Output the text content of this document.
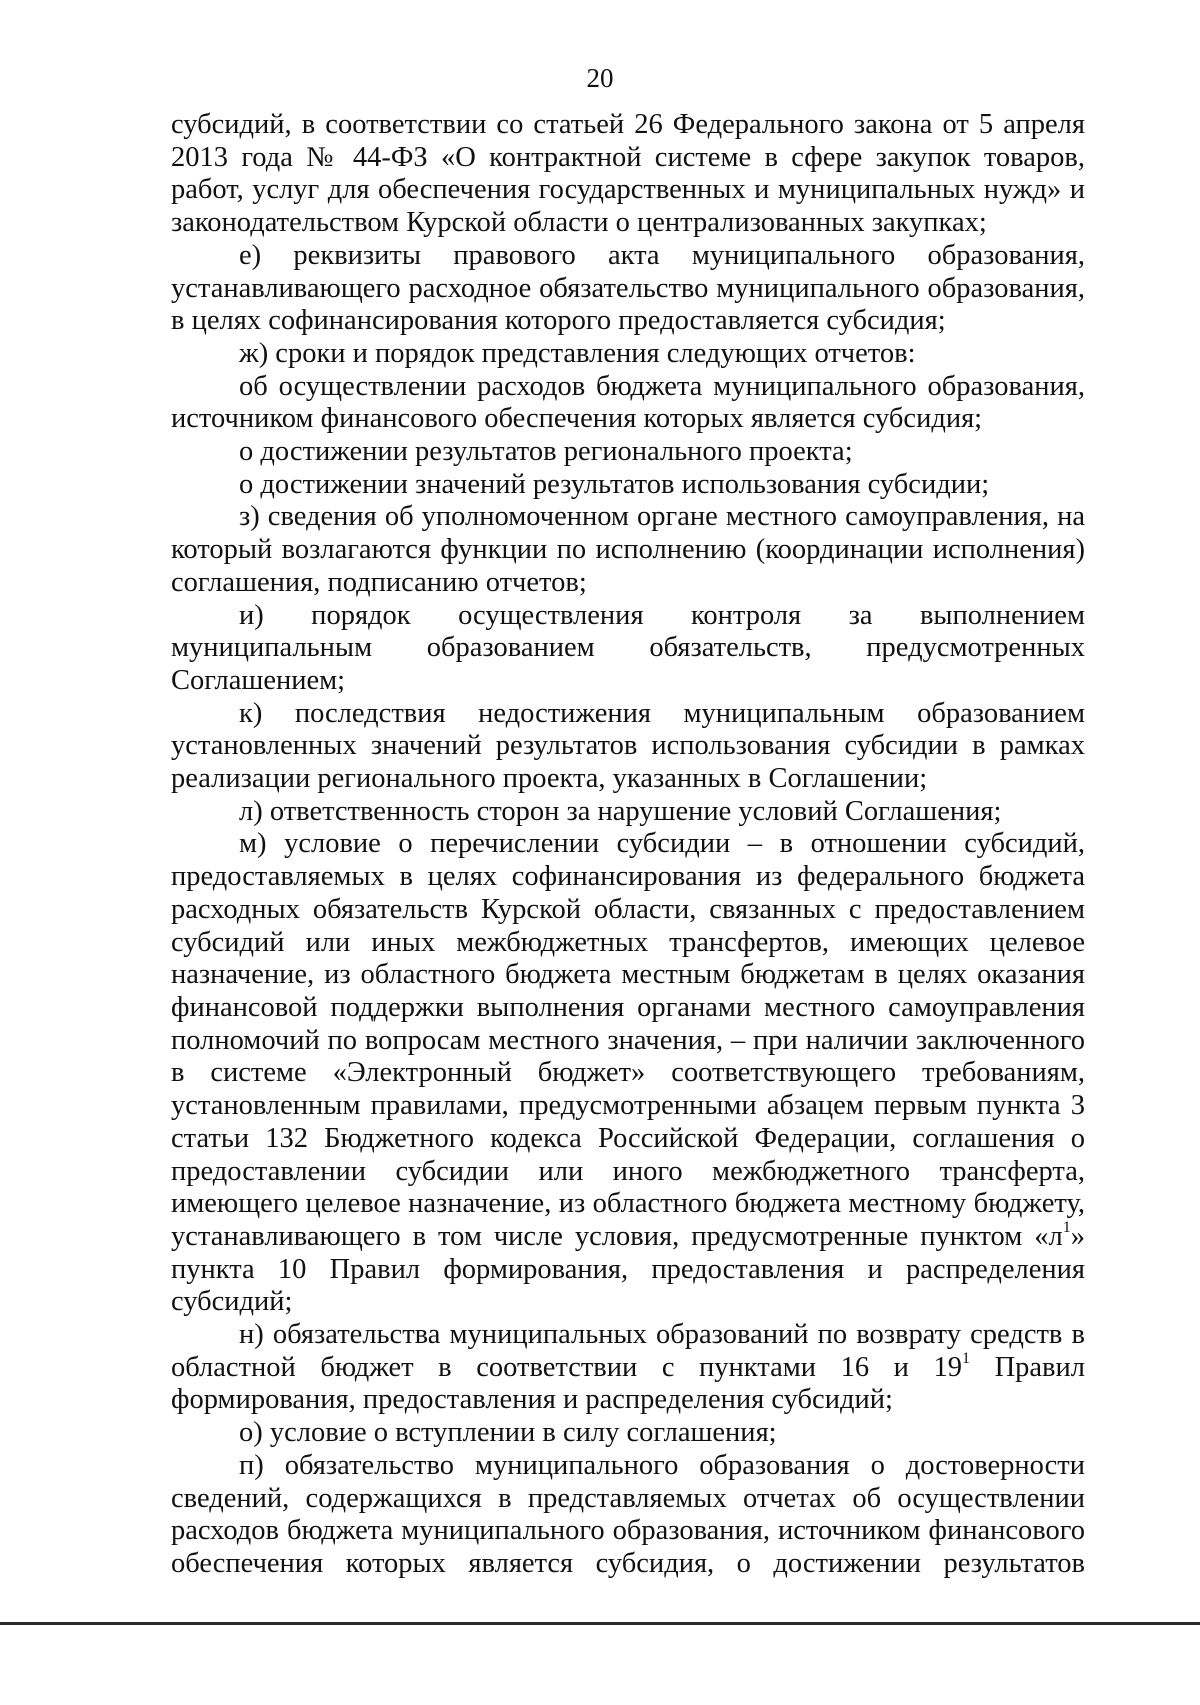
20

субсидий, в соответствии со статьей 26 Федерального закона от 5 апреля 2013 года № 44-ФЗ «О контрактной системе в сфере закупок товаров, работ, услуг для обеспечения государственных и муниципальных нужд» и законодательством Курской области о централизованных закупках;

е) реквизиты правового акта муниципального образования, устанавливающего расходное обязательство муниципального образования, в целях софинансирования которого предоставляется субсидия;

ж) сроки и порядок представления следующих отчетов:

об осуществлении расходов бюджета муниципального образования, источником финансового обеспечения которых является субсидия;

о достижении результатов регионального проекта;

о достижении значений результатов использования субсидии;

з) сведения об уполномоченном органе местного самоуправления, на который возлагаются функции по исполнению (координации исполнения) соглашения, подписанию отчетов;

и) порядок осуществления контроля за выполнением муниципальным образованием обязательств, предусмотренных Соглашением;

к) последствия недостижения муниципальным образованием установленных значений результатов использования субсидии в рамках реализации регионального проекта, указанных в Соглашении;

л) ответственность сторон за нарушение условий Соглашения;

м) условие о перечислении субсидии – в отношении субсидий, предоставляемых в целях софинансирования из федерального бюджета расходных обязательств Курской области, связанных с предоставлением субсидий или иных межбюджетных трансфертов, имеющих целевое назначение, из областного бюджета местным бюджетам в целях оказания финансовой поддержки выполнения органами местного самоуправления полномочий по вопросам местного значения, – при наличии заключенного в системе «Электронный бюджет» соответствующего требованиям, установленным правилами, предусмотренными абзацем первым пункта 3 статьи 132 Бюджетного кодекса Российской Федерации, соглашения о предоставлении субсидии или иного межбюджетного трансферта, имеющего целевое назначение, из областного бюджета местному бюджету, устанавливающего в том числе условия, предусмотренные пунктом «$л^1$» пункта 10 Правил формирования, предоставления и распределения субсидий;

н) обязательства муниципальных образований по возврату средств в областной бюджет в соответствии с пунктами 16 и $19^1$ Правил формирования, предоставления и распределения субсидий;

о) условие о вступлении в силу соглашения;

п) обязательство муниципального образования о достоверности сведений, содержащихся в представляемых отчетах об осуществлении расходов бюджета муниципального образования, источником финансового обеспечения которых является субсидия, о достижении результатов
